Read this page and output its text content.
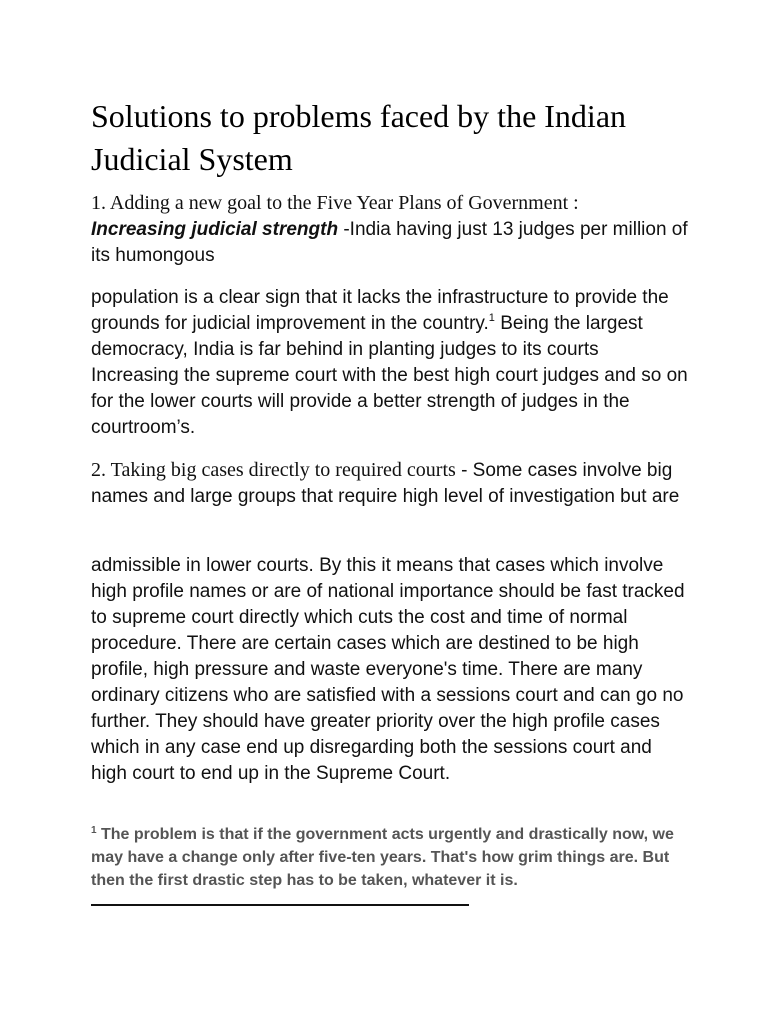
Solutions to problems faced by the Indian Judicial System

1. Adding a new goal to the Five Year Plans of Government :
Increasing judicial strength -India having just 13 judges per million of its humongous

population is a clear sign that it lacks the infrastructure to provide the grounds for judicial improvement in the country.$^1$ Being the largest democracy, India is far behind in planting judges to its courts Increasing the supreme court with the best high court judges and so on for the lower courts will provide a better strength of judges in the courtroom’s.

2. Taking big cases directly to required courts - Some cases involve big names and large groups that require high level of investigation but are

admissible in lower courts. By this it means that cases which involve high profile names or are of national importance should be fast tracked to supreme court directly which cuts the cost and time of normal procedure. There are certain cases which are destined to be high profile, high pressure and waste everyone's time. There are many ordinary citizens who are satisfied with a sessions court and can go no further. They should have greater priority over the high profile cases which in any case end up disregarding both the sessions court and high court to end up in the Supreme Court.

$^1$ The problem is that if the government acts urgently and drastically now, we may have a change only after five-ten years. That's how grim things are. But then the first drastic step has to be taken, whatever it is.
